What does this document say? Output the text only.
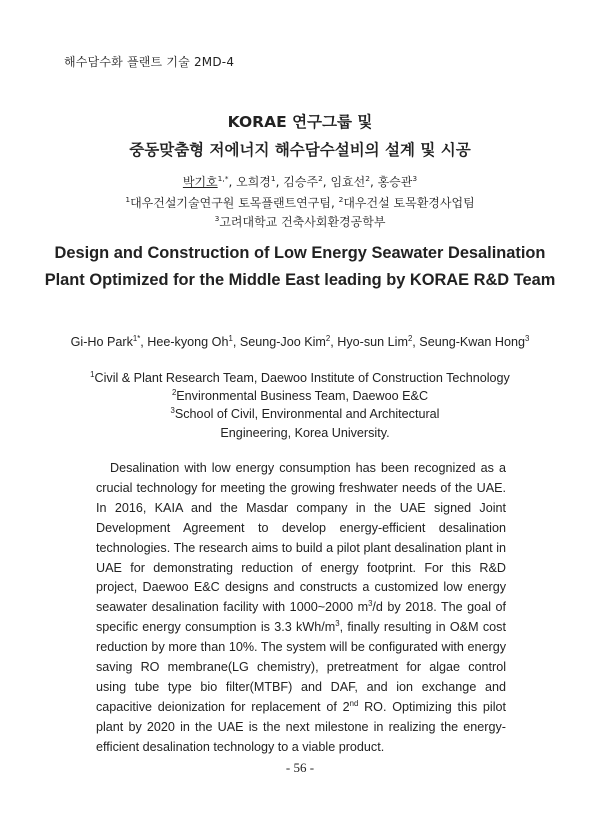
해수담수화 플랜트 기술 2MD-4
KORAE 연구그룹 및
중동맞춤형 저에너지 해수담수설비의 설계 및 시공
박기호$^{1,*}$, 오희경$^1$, 김승주$^2$, 임효선$^2$, 홍승관$^3$
$^1$대우건설기술연구원 토목플랜트연구팀, $^2$대우건설 토목환경사업팀
$^3$고려대학교 건축사회환경공학부
Design and Construction of Low Energy Seawater Desalination Plant Optimized for the Middle East leading by KORAE R&D Team
Gi-Ho Park$^{1*}$, Hee-kyong Oh$^1$, Seung-Joo Kim$^2$, Hyo-sun Lim$^2$, Seung-Kwan Hong$^3$
$^1$Civil & Plant Research Team, Daewoo Institute of Construction Technology
$^2$Environmental Business Team, Daewoo E&C
$^3$School of Civil, Environmental and Architectural Engineering, Korea University.
Desalination with low energy consumption has been recognized as a crucial technology for meeting the growing freshwater needs of the UAE. In 2016, KAIA and the Masdar company in the UAE signed Joint Development Agreement to develop energy-efficient desalination technologies. The research aims to build a pilot plant desalination plant in UAE for demonstrating reduction of energy footprint. For this R&D project, Daewoo E&C designs and constructs a customized low energy seawater desalination facility with 1000~2000 $m^3/d$ by 2018. The goal of specific energy consumption is 3.3 kWh/$m^3$, finally resulting in O&M cost reduction by more than 10%. The system will be configurated with energy saving RO membrane(LG chemistry), pretreatment for algae control using tube type bio filter(MTBF) and DAF, and ion exchange and capacitive deionization for replacement of 2nd RO. Optimizing this pilot plant by 2020 in the UAE is the next milestone in realizing the energy-efficient desalination technology to a viable product.
- 56 -
